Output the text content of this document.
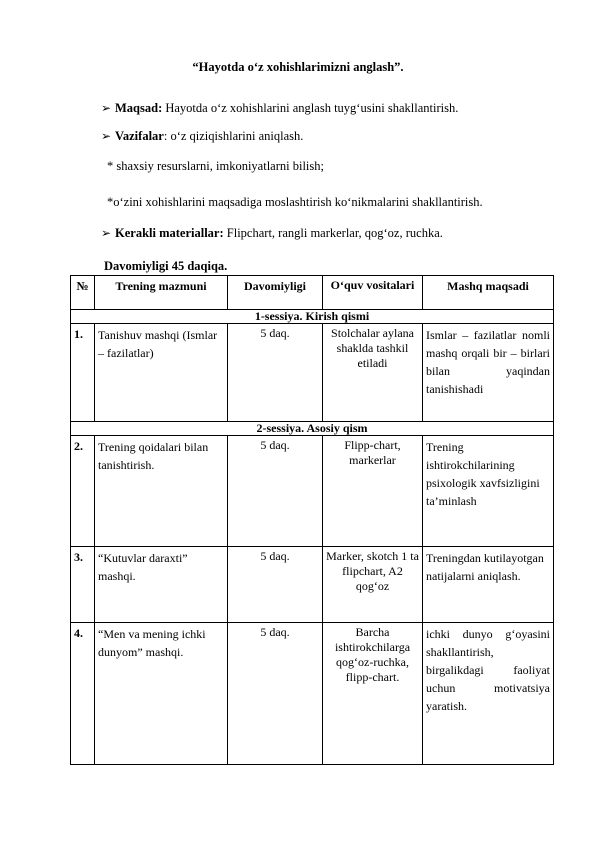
“Hayotda o‘z xohishlarimizni anglash”.
➢ Maqsad: Hayotda o‘z xohishlarini anglash tuyg‘usini shakllantirish.
➢ Vazifalar: o‘z qiziqishlarini aniqlash.
* shaxsiy resurslarni, imkoniyatlarni bilish;
*o‘zini xohishlarini maqsadiga moslashtirish ko‘nikmalarini shakllantirish.
➢ Kerakli materiallar: Flipchart, rangli markerlar, qog‘oz, ruchka.
Davomiyligi 45 daqiqa.
№	Trening mazmuni	Davomiyligi	O‘quv vositalari	Mashq maqsadi
1-sessiya. Kirish qismi				
1.	Tanishuv mashqi (Ismlar – fazilatlar)	5 daq.	Stolchalar aylana shaklda tashkil etiladi	Ismlar – fazilatlar nomli mashq orqali bir – birlari bilan yaqindan tanishishadi
2-sessiya. Asosiy qism				
2.	Trening qoidalari bilan tanishtirish.	5 daq.	Flipp-chart, markerlar	Trening ishtirokchilarining psixologik xavfsizligini ta’minlash
3.	“Kutuvlar daraxti” mashqi.	5 daq.	Marker, skotch 1 ta flipchart, A2 qog‘oz	Treningdan kutilayotgan natijalarni aniqlash.
4.	“Men va mening ichki dunyom” mashqi.	5 daq.	Barcha ishtirokchilarga qog‘oz-ruchka, flipp-chart.	ichki dunyo g‘oyasini shakllantirish, birgalikdagi faoliyat uchun motivatsiya yaratish.
